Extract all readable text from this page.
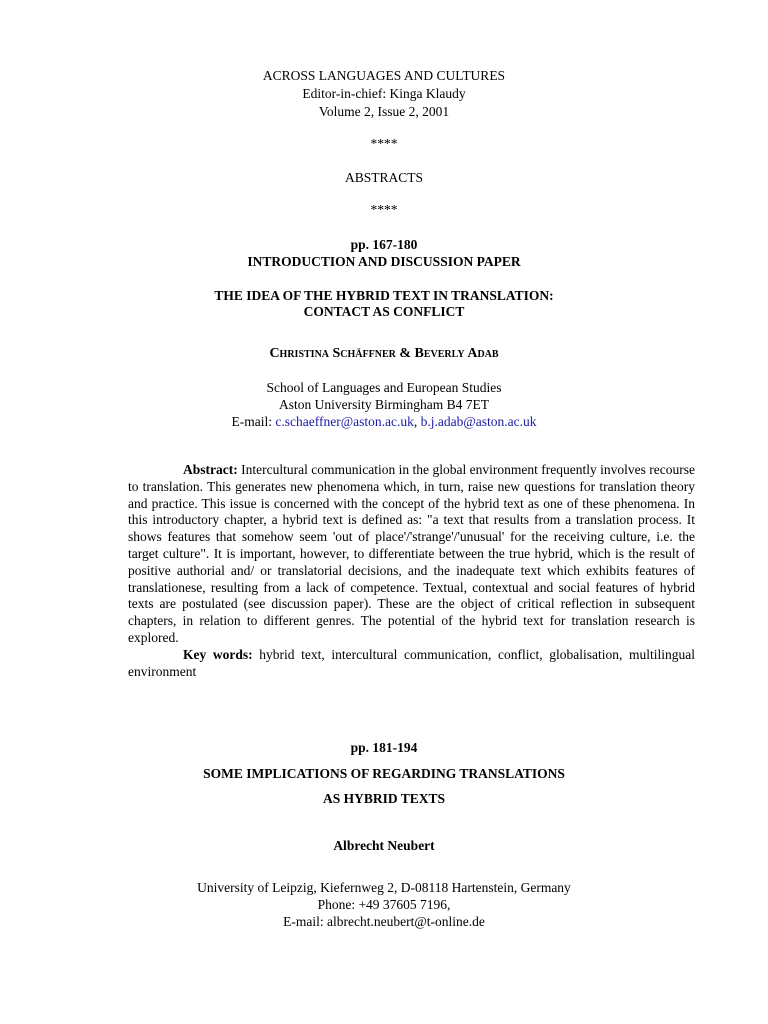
ACROSS LANGUAGES AND CULTURES
Editor-in-chief: Kinga Klaudy
Volume 2, Issue 2, 2001
****
ABSTRACTS
****
pp. 167-180
INTRODUCTION AND DISCUSSION PAPER
THE IDEA OF THE HYBRID TEXT IN TRANSLATION:
CONTACT AS CONFLICT
Christina Schäffner & Beverly Adab
School of Languages and European Studies
Aston University Birmingham B4 7ET
E-mail: c.schaeffner@aston.ac.uk, b.j.adab@aston.ac.uk

Abstract: Intercultural communication in the global environment frequently involves recourse to translation. This generates new phenomena which, in turn, raise new questions for translation theory and practice. This issue is concerned with the concept of the hybrid text as one of these phenomena. In this introductory chapter, a hybrid text is defined as: "a text that results from a translation process. It shows features that somehow seem 'out of place'/'strange'/'unusual' for the receiving culture, i.e. the target culture". It is important, however, to differentiate between the true hybrid, which is the result of positive authorial and/ or translatorial decisions, and the inadequate text which exhibits features of translationese, resulting from a lack of competence. Textual, contextual and social features of hybrid texts are postulated (see discussion paper). These are the object of critical reflection in subsequent chapters, in relation to different genres. The potential of the hybrid text for translation research is explored.

Key words: hybrid text, intercultural communication, conflict, globalisation, multilingual environment

pp. 181-194
SOME IMPLICATIONS OF REGARDING TRANSLATIONS
AS HYBRID TEXTS
Albrecht Neubert
University of Leipzig, Kiefernweg 2, D-08118 Hartenstein, Germany
Phone: +49 37605 7196,
E-mail: albrecht.neubert@t-online.de
